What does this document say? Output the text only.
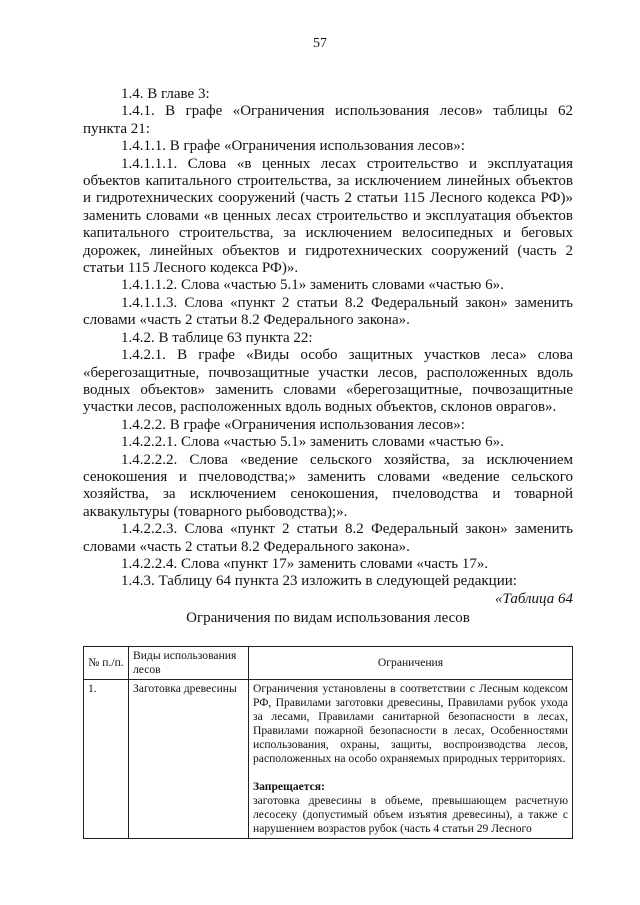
57

1.4. В главе 3:

1.4.1. В графе «Ограничения использования лесов» таблицы 62 пункта 21:

1.4.1.1. В графе «Ограничения использования лесов»:

1.4.1.1.1. Слова «в ценных лесах строительство и эксплуатация объектов капитального строительства, за исключением линейных объектов и гидротехнических сооружений (часть 2 статьи 115 Лесного кодекса РФ)» заменить словами «в ценных лесах строительство и эксплуатация объектов капитального строительства, за исключением велосипедных и беговых дорожек, линейных объектов и гидротехнических сооружений (часть 2 статьи 115 Лесного кодекса РФ)».

1.4.1.1.2. Слова «частью 5.1» заменить словами «частью 6».

1.4.1.1.3. Слова «пункт 2 статьи 8.2 Федеральный закон» заменить словами «часть 2 статьи 8.2 Федерального закона».

1.4.2. В таблице 63 пункта 22:

1.4.2.1. В графе «Виды особо защитных участков леса» слова «берегозащитные, почвозащитные участки лесов, расположенных вдоль водных объектов» заменить словами «берегозащитные, почвозащитные участки лесов, расположенных вдоль водных объектов, склонов оврагов».

1.4.2.2. В графе «Ограничения использования лесов»:

1.4.2.2.1. Слова «частью 5.1» заменить словами «частью 6».

1.4.2.2.2. Слова «ведение сельского хозяйства, за исключением сенокошения и пчеловодства;» заменить словами «ведение сельского хозяйства, за исключением сенокошения, пчеловодства и товарной аквакультуры (товарного рыбоводства);».

1.4.2.2.3. Слова «пункт 2 статьи 8.2 Федеральный закон» заменить словами «часть 2 статьи 8.2 Федерального закона».

1.4.2.2.4. Слова «пункт 17» заменить словами «часть 17».

1.4.3. Таблицу 64 пункта 23 изложить в следующей редакции:

«Таблица 64

Ограничения по видам использования лесов
№ п./п.	Виды использования лесов	Ограничения
1.	Заготовка древесины	Ограничения установлены в соответствии с Лесным кодексом РФ, Правилами заготовки древесины, Правилами рубок ухода за лесами, Правилами санитарной безопасности в лесах, Правилами пожарной безопасности в лесах, Особенностями использования, охраны, защиты, воспроизводства лесов, расположенных на особо охраняемых природных территориях.
Запрещается:
заготовка древесины в объеме, превышающем расчетную лесосеку (допустимый объем изъятия древесины), а также с нарушением возрастов рубок (часть 4 статьи 29 Лесного
